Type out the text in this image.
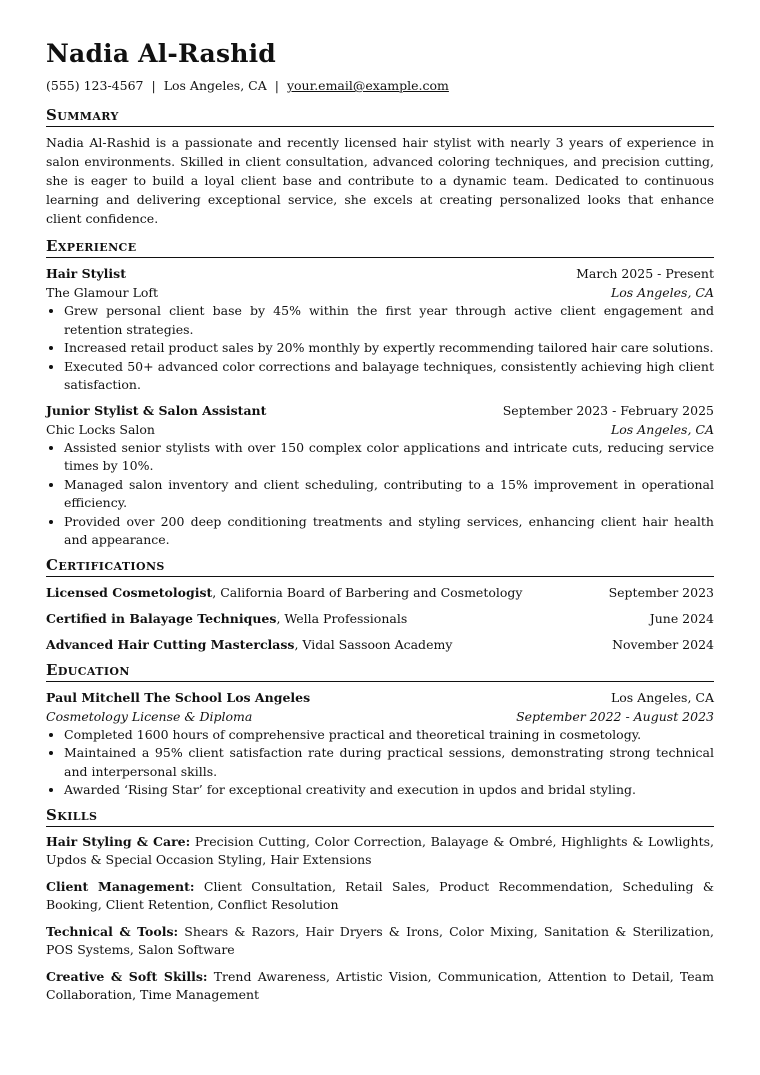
Nadia Al-Rashid
(555) 123-4567 | Los Angeles, CA | your.email@example.com
Summary
Nadia Al-Rashid is a passionate and recently licensed hair stylist with nearly 3 years of experience in salon environments. Skilled in client consultation, advanced coloring techniques, and precision cutting, she is eager to build a loyal client base and contribute to a dynamic team. Dedicated to continuous learning and delivering exceptional service, she excels at creating personalized looks that enhance client confidence.
Experience
Hair Stylist	March 2025 - Present
The Glamour Loft	Los Angeles, CA
• Grew personal client base by 45% within the first year through active client engagement and retention strategies.
• Increased retail product sales by 20% monthly by expertly recommending tailored hair care solutions.
• Executed 50+ advanced color corrections and balayage techniques, consistently achieving high client satisfaction.
Junior Stylist & Salon Assistant	September 2023 - February 2025
Chic Locks Salon	Los Angeles, CA
• Assisted senior stylists with over 150 complex color applications and intricate cuts, reducing service times by 10%.
• Managed salon inventory and client scheduling, contributing to a 15% improvement in operational efficiency.
• Provided over 200 deep conditioning treatments and styling services, enhancing client hair health and appearance.
Certifications
Licensed Cosmetologist, California Board of Barbering and Cosmetology	September 2023
Certified in Balayage Techniques, Wella Professionals	June 2024
Advanced Hair Cutting Masterclass, Vidal Sassoon Academy	November 2024
Education
Paul Mitchell The School Los Angeles	Los Angeles, CA
Cosmetology License & Diploma	September 2022 - August 2023
• Completed 1600 hours of comprehensive practical and theoretical training in cosmetology.
• Maintained a 95% client satisfaction rate during practical sessions, demonstrating strong technical and interpersonal skills.
• Awarded ‘Rising Star’ for exceptional creativity and execution in updos and bridal styling.
Skills
Hair Styling & Care: Precision Cutting, Color Correction, Balayage & Ombré, Highlights & Lowlights, Updos & Special Occasion Styling, Hair Extensions
Client Management: Client Consultation, Retail Sales, Product Recommendation, Scheduling & Booking, Client Retention, Conflict Resolution
Technical & Tools: Shears & Razors, Hair Dryers & Irons, Color Mixing, Sanitation & Sterilization, POS Systems, Salon Software
Creative & Soft Skills: Trend Awareness, Artistic Vision, Communication, Attention to Detail, Team Collaboration, Time Management
